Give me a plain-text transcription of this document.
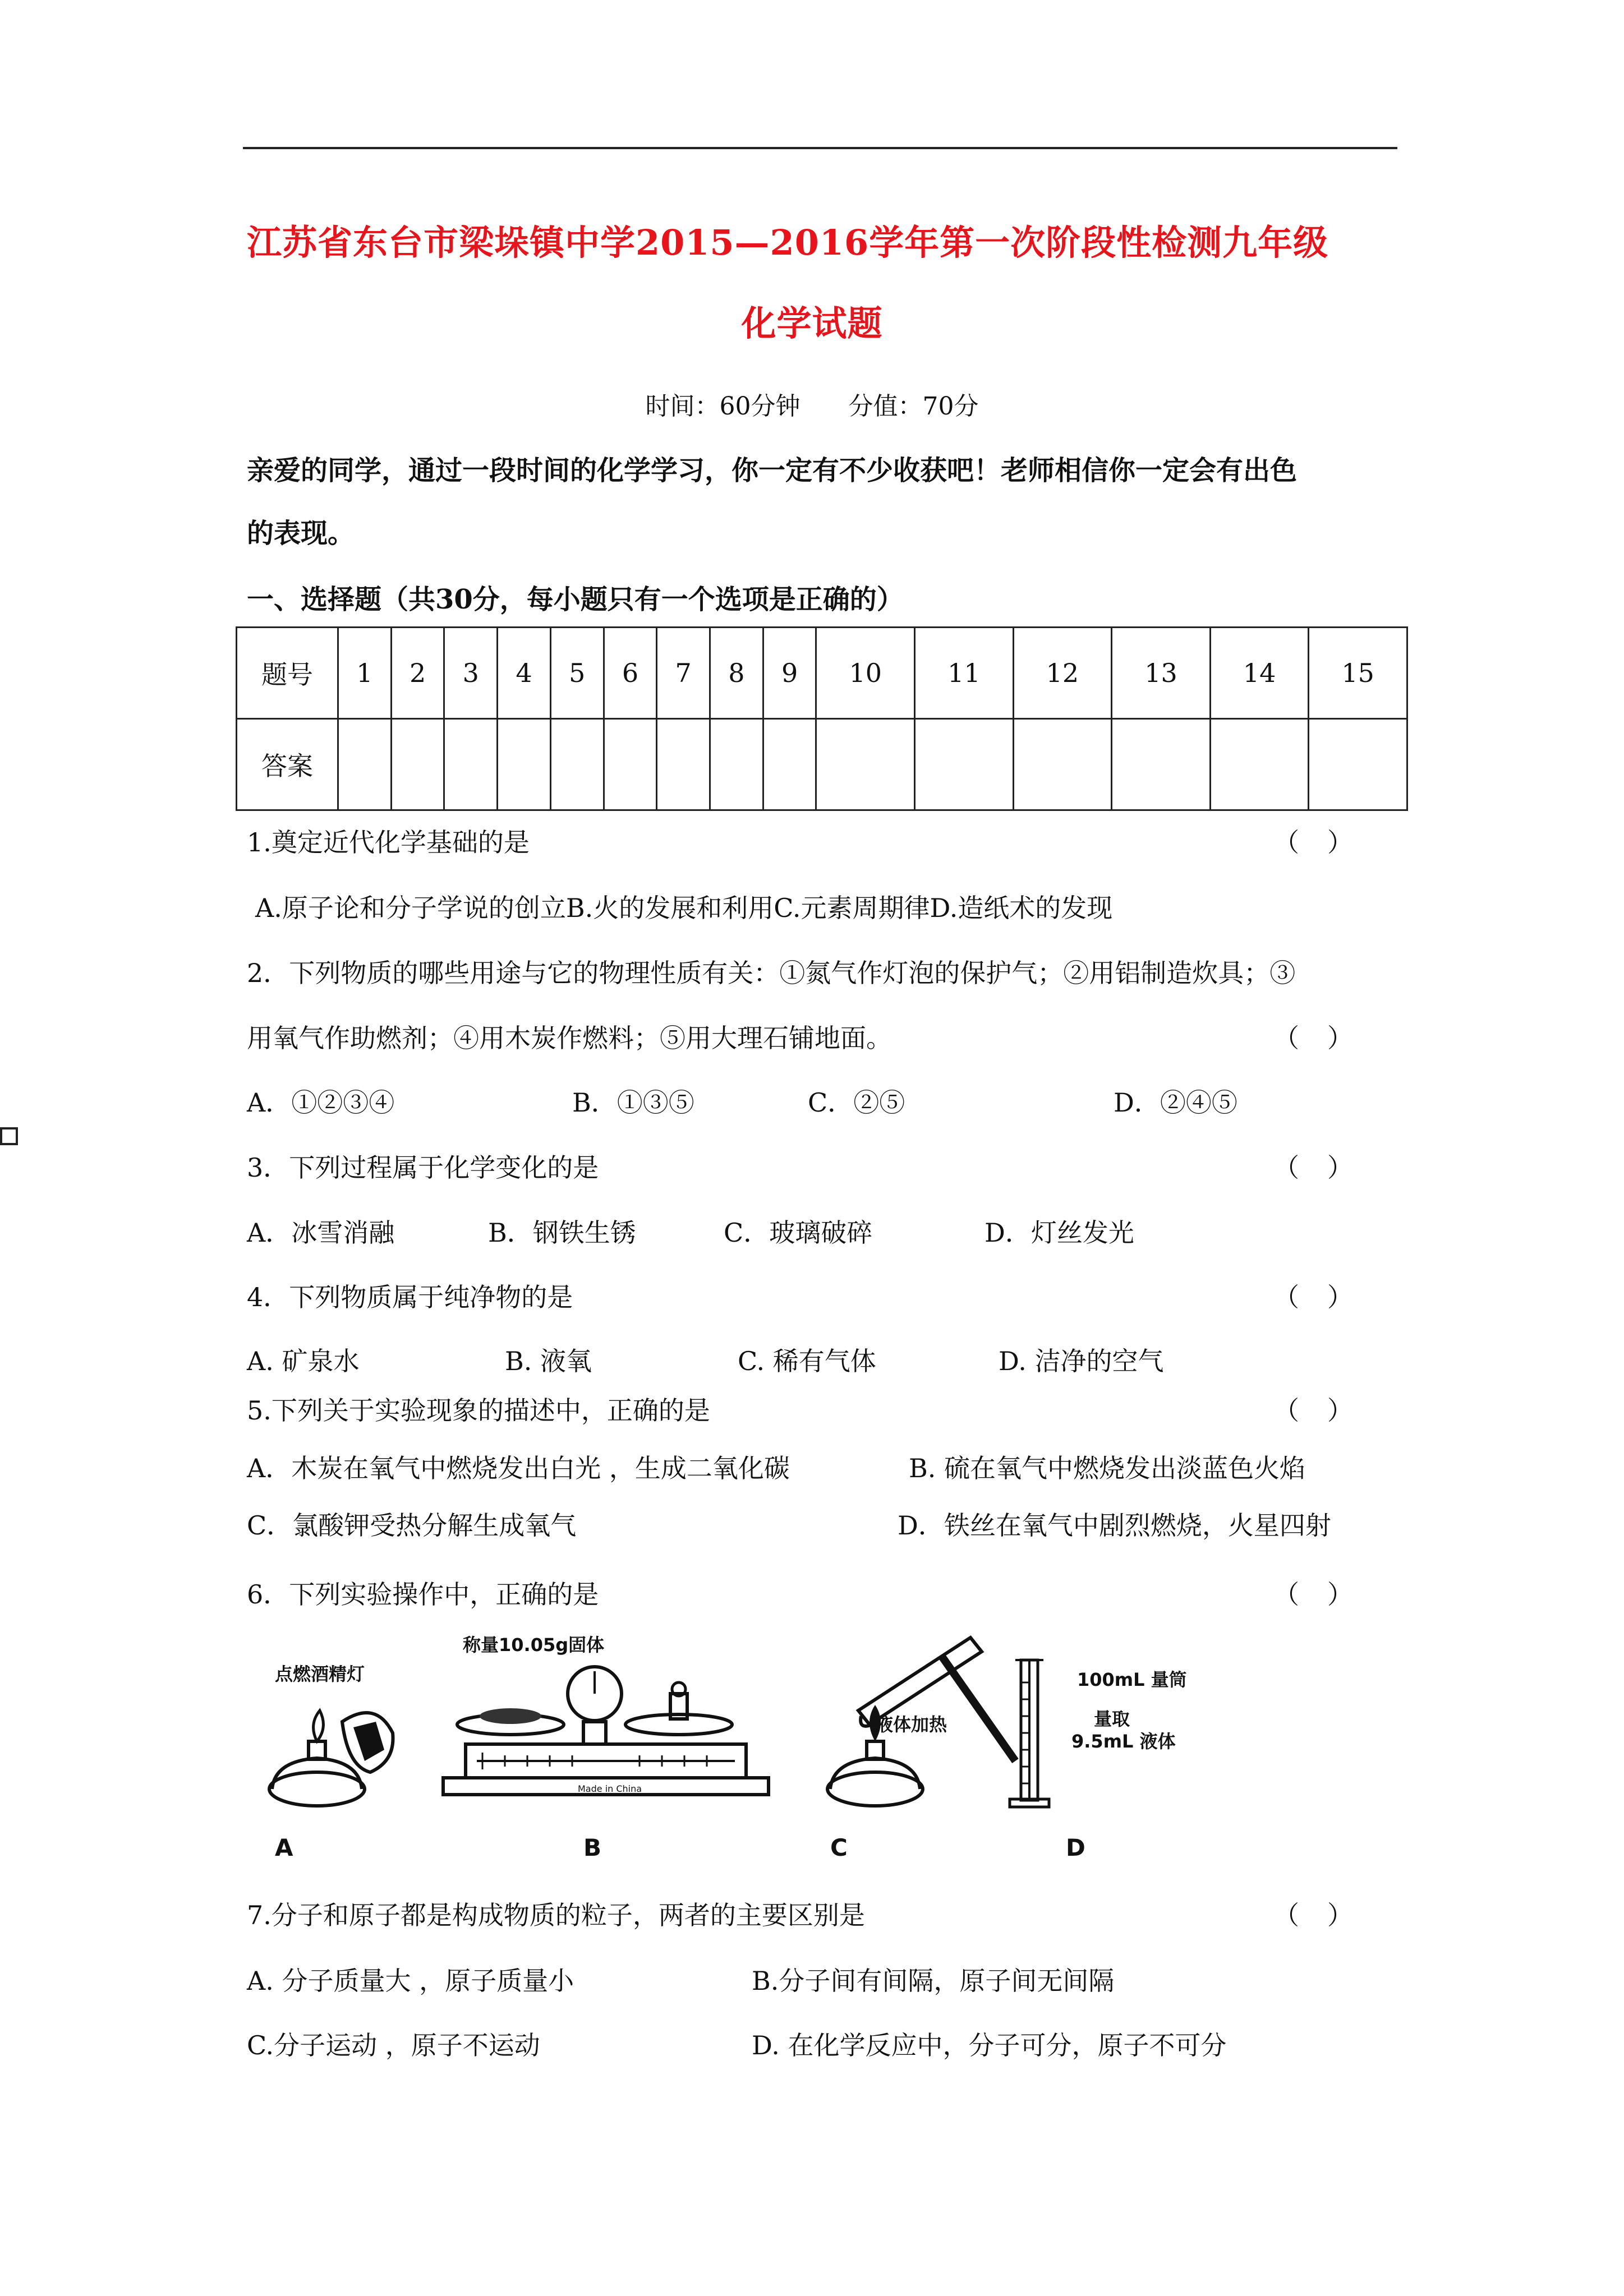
江苏省东台市梁垛镇中学2015—2016学年第一次阶段性检测九年级
化学试题
时间：60分钟 分值：70分
亲爱的同学，通过一段时间的化学学习，你一定有不少收获吧！老师相信你一定会有出色
的表现。
一、选择题（共30分，每小题只有一个选项是正确的）
题号	1	2	3	4	5	6	7	8	9	10	11	12	13	14	15
答案															
1.奠定近代化学基础的是	（ ）
A.原子论和分子学说的创立B.火的发展和利用C.元素周期律D.造纸术的发现
2．下列物质的哪些用途与它的物理性质有关：①氮气作灯泡的保护气；②用铝制造炊具；③
用氧气作助燃剂；④用木炭作燃料；⑤用大理石铺地面。	（ ）
A．①②③④	B．①③⑤	C．②⑤	D．②④⑤
3．下列过程属于化学变化的是	（ ）
A．冰雪消融	B．钢铁生锈	C．玻璃破碎	D．灯丝发光
4．下列物质属于纯净物的是	（ ）
A. 矿泉水	B. 液氧	C. 稀有气体	D. 洁净的空气
5.下列关于实验现象的描述中，正确的是	（ ）
A．木炭在氧气中燃烧发出白光 ，生成二氧化碳	B. 硫在氧气中燃烧发出淡蓝色火焰
C．氯酸钾受热分解生成氧气	D．铁丝在氧气中剧烈燃烧，火星四射
6．下列实验操作中，正确的是	（ ）
点燃酒精灯
A
称量10.05g固体
Made in China
B
液体加热
C
100mL 量筒
量取
9.5mL 液体
D
7.分子和原子都是构成物质的粒子，两者的主要区别是	（ ）
A. 分子质量大 ，原子质量小	B.分子间有间隔，原子间无间隔
C.分子运动 ，原子不运动	D. 在化学反应中，分子可分，原子不可分
